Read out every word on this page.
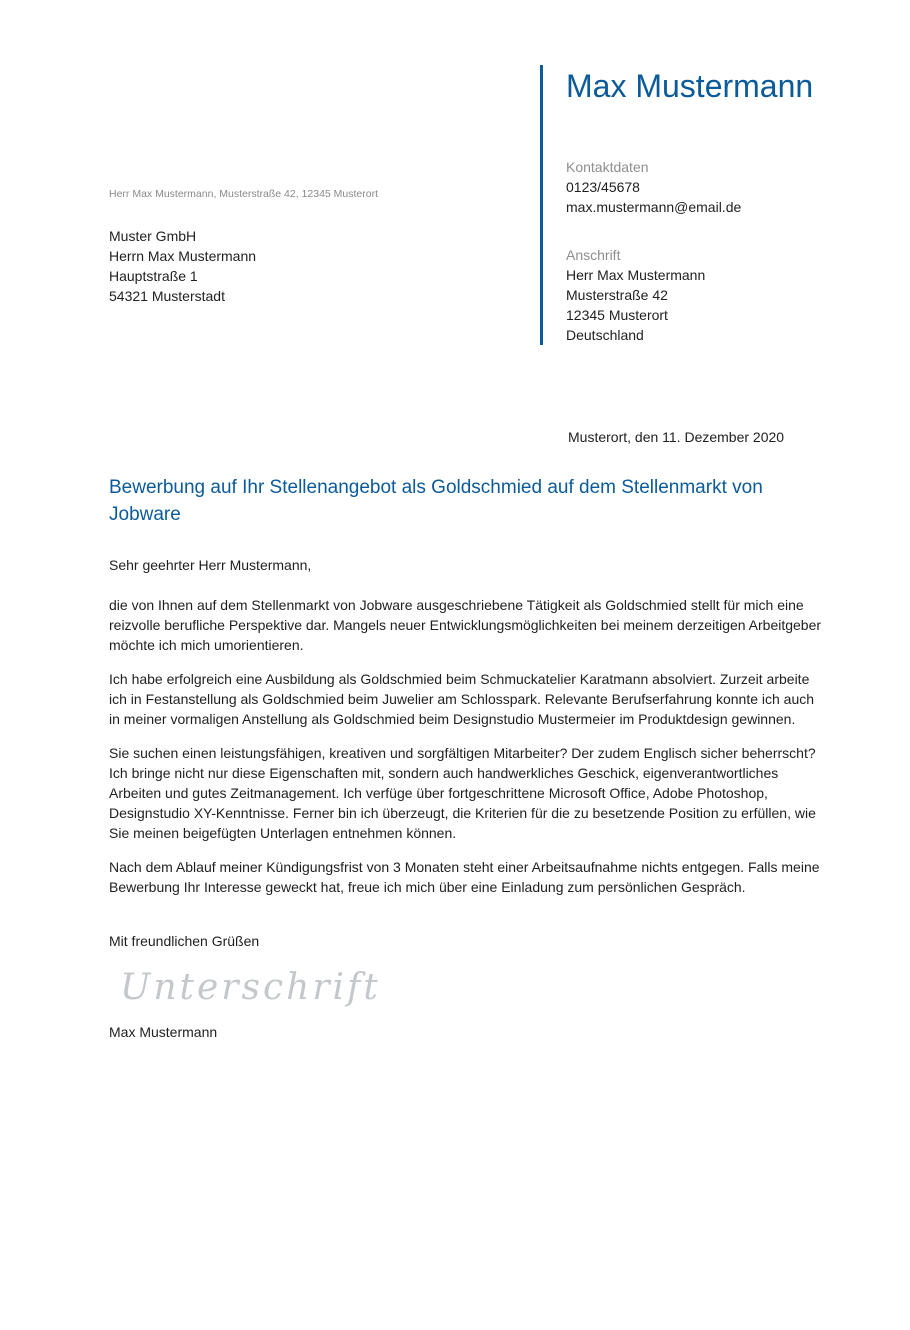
Herr Max Mustermann, Musterstraße 42, 12345 Musterort
Muster GmbH
Herrn Max Mustermann
Hauptstraße 1
54321 Musterstadt
Max Mustermann
Kontaktdaten
0123/45678
max.mustermann@email.de
Anschrift
Herr Max Mustermann
Musterstraße 42
12345 Musterort
Deutschland
Musterort, den 11. Dezember 2020
Bewerbung auf Ihr Stellenangebot als Goldschmied auf dem Stellenmarkt von Jobware
Sehr geehrter Herr Mustermann,

die von Ihnen auf dem Stellenmarkt von Jobware ausgeschriebene Tätigkeit als Goldschmied stellt für mich eine reizvolle berufliche Perspektive dar. Mangels neuer Entwicklungsmöglichkeiten bei meinem derzeitigen Arbeitgeber möchte ich mich umorientieren.

Ich habe erfolgreich eine Ausbildung als Goldschmied beim Schmuckatelier Karatmann absolviert. Zurzeit arbeite ich in Festanstellung als Goldschmied beim Juwelier am Schlosspark. Relevante Berufserfahrung konnte ich auch in meiner vormaligen Anstellung als Goldschmied beim Designstudio Mustermeier im Produktdesign gewinnen.

Sie suchen einen leistungsfähigen, kreativen und sorgfältigen Mitarbeiter? Der zudem Englisch sicher beherrscht? Ich bringe nicht nur diese Eigenschaften mit, sondern auch handwerkliches Geschick, eigenverantwortliches Arbeiten und gutes Zeitmanagement. Ich verfüge über fortgeschrittene Microsoft Office, Adobe Photoshop, Designstudio XY-Kenntnisse. Ferner bin ich überzeugt, die Kriterien für die zu besetzende Position zu erfüllen, wie Sie meinen beigefügten Unterlagen entnehmen können.

Nach dem Ablauf meiner Kündigungsfrist von 3 Monaten steht einer Arbeitsaufnahme nichts entgegen. Falls meine Bewerbung Ihr Interesse geweckt hat, freue ich mich über eine Einladung zum persönlichen Gespräch.

Mit freundlichen Grüßen
Unterschrift
Max Mustermann
